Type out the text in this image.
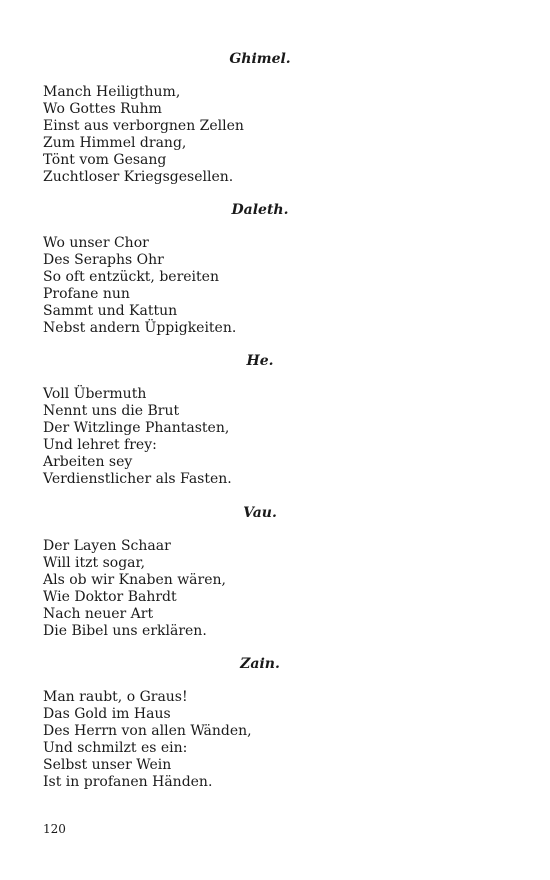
Ghimel.
Manch Heiligthum,
Wo Gottes Ruhm
Einst aus verborgnen Zellen
Zum Himmel drang,
Tönt vom Gesang
Zuchtloser Kriegsgesellen.
Daleth.
Wo unser Chor
Des Seraphs Ohr
So oft entzückt, bereiten
Profane nun
Sammt und Kattun
Nebst andern Üppigkeiten.
He.
Voll Übermuth
Nennt uns die Brut
Der Witzlinge Phantasten,
Und lehret frey:
Arbeiten sey
Verdienstlicher als Fasten.
Vau.
Der Layen Schaar
Will itzt sogar,
Als ob wir Knaben wären,
Wie Doktor Bahrdt
Nach neuer Art
Die Bibel uns erklären.
Zain.
Man raubt, o Graus!
Das Gold im Haus
Des Herrn von allen Wänden,
Und schmilzt es ein:
Selbst unser Wein
Ist in profanen Händen.

120
